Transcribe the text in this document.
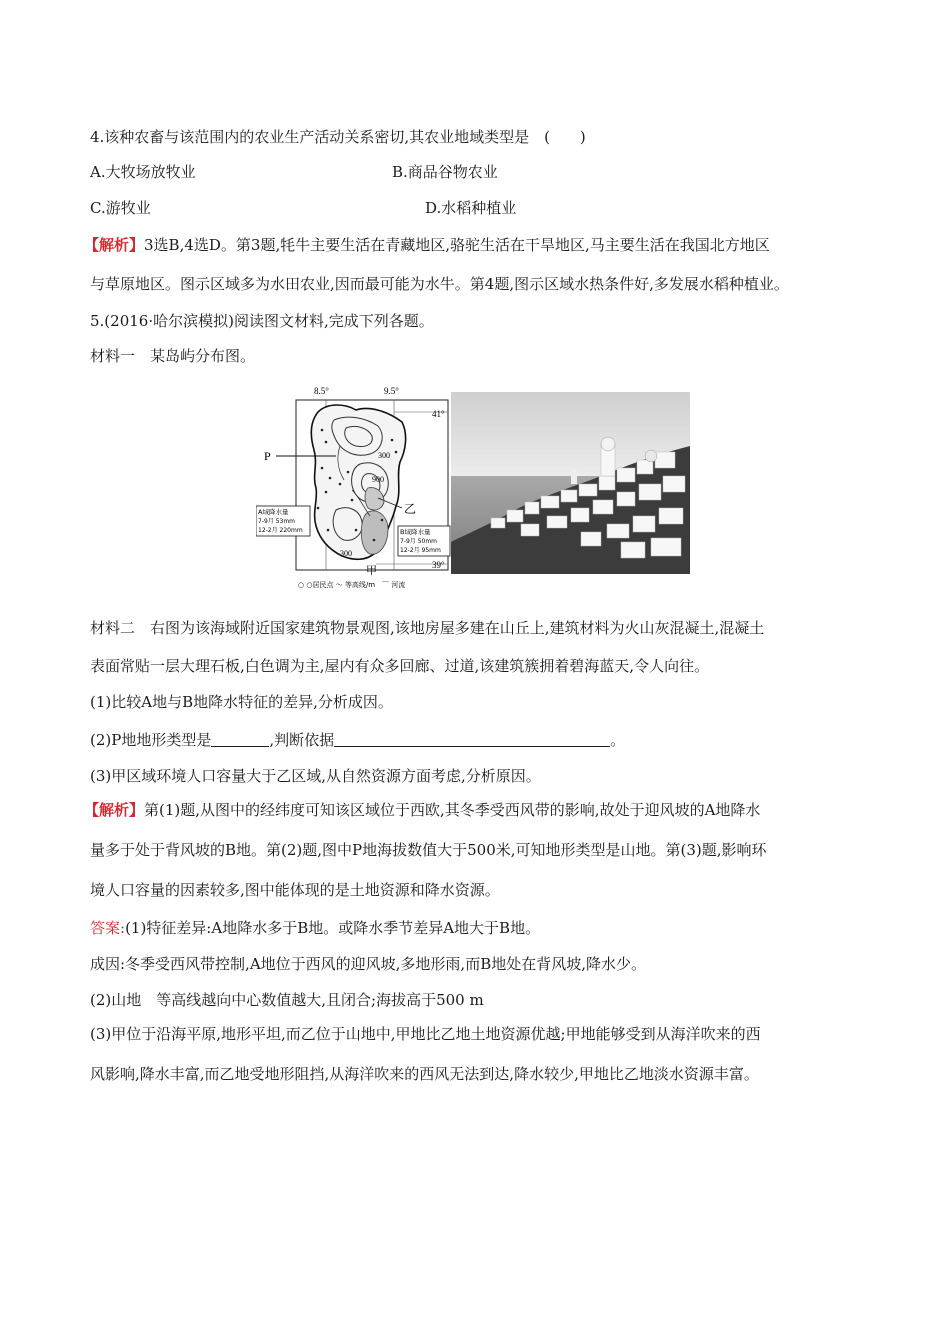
4.该种农畜与该范围内的农业生产活动关系密切,其农业地域类型是　(　　)
A.大牧场放牧业	B.商品谷物农业
C.游牧业	D.水稻种植业
【解析】3选B,4选D。第3题,牦牛主要生活在青藏地区,骆驼生活在干旱地区,马主要生活在我国北方地区
与草原地区。图示区域多为水田农业,因而最可能为水牛。第4题,图示区域水热条件好,多发展水稻种植业。
5.(2016·哈尔滨模拟)阅读图文材料,完成下列各题。
材料一　某岛屿分布图。
P
乙
甲
8.5°	9.5°
41°
39°
300
900
300
A域降水量
7-9月 53mm
12-2月 220mm	B域降水量
7-9月 50mm
12-2月 95mm
○ ○居民点 〜 等高线/m　⌒ 河流
材料二　右图为该海域附近国家建筑物景观图,该地房屋多建在山丘上,建筑材料为火山灰混凝土,混凝土
表面常贴一层大理石板,白色调为主,屋内有众多回廊、过道,该建筑簇拥着碧海蓝天,令人向往。
(1)比较A地与B地降水特征的差异,分析成因。
(2)P地地形类型是	,判断依据	。
(3)甲区域环境人口容量大于乙区域,从自然资源方面考虑,分析原因。
【解析】第(1)题,从图中的经纬度可知该区域位于西欧,其冬季受西风带的影响,故处于迎风坡的A地降水
量多于处于背风坡的B地。第(2)题,图中P地海拔数值大于500米,可知地形类型是山地。第(3)题,影响环
境人口容量的因素较多,图中能体现的是土地资源和降水资源。
答案:(1)特征差异:A地降水多于B地。或降水季节差异A地大于B地。
成因:冬季受西风带控制,A地位于西风的迎风坡,多地形雨,而B地处在背风坡,降水少。
(2)山地　等高线越向中心数值越大,且闭合;海拔高于500 m
(3)甲位于沿海平原,地形平坦,而乙位于山地中,甲地比乙地土地资源优越;甲地能够受到从海洋吹来的西
风影响,降水丰富,而乙地受地形阻挡,从海洋吹来的西风无法到达,降水较少,甲地比乙地淡水资源丰富。
